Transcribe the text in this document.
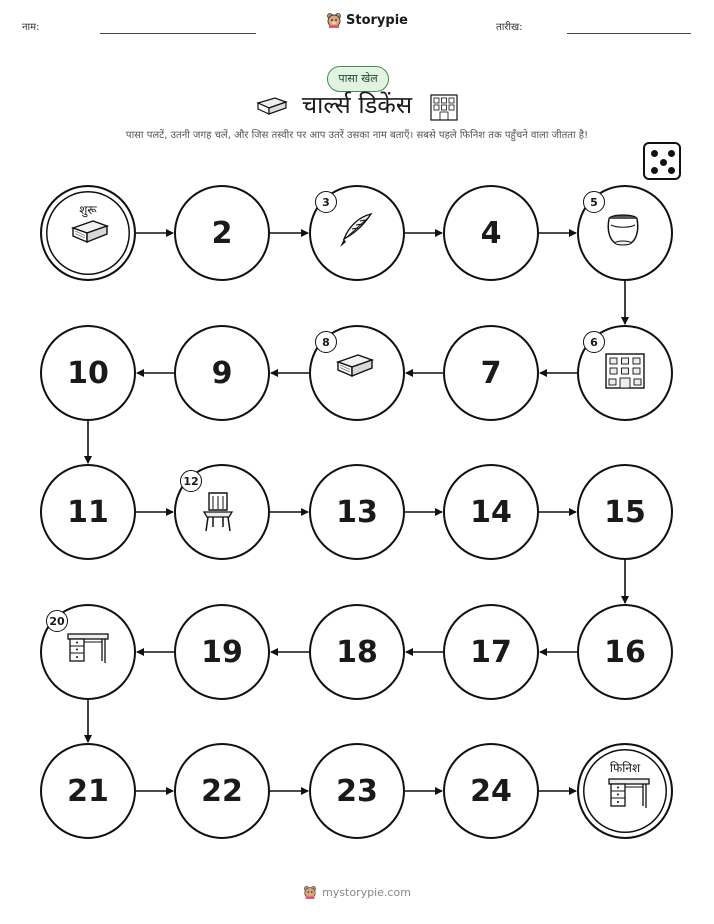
नाम:	Storypie	तारीख:
पासा खेल
चार्ल्स डिकेंस
पासा पलटें, उतनी जगह चलें, और जिस तस्वीर पर आप उतरें उसका नाम बताएँ। सबसे पहले फिनिश तक पहुँचने वाला जीतता है!
शुरू
2
3
4
5
6
7
8
9
10
11
12
13	14	15
16
17
18
19
20
21	22	23	24
फिनिश
mystorypie.com
